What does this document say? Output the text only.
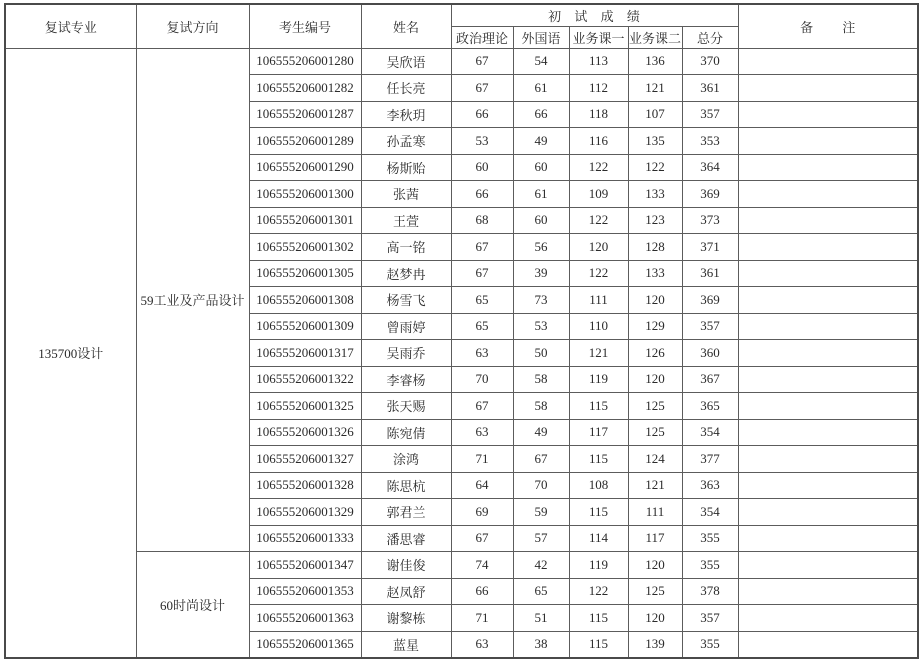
复试专业	复试方向	考生编号	姓名	初 试 成 绩					备 注
				政治理论	外国语	业务课一	业务课二	总分	
135700设计	59工业及产品设计	106555206001280	吴欣语	67	54	113	136	370	
		106555206001282	任长亮	67	61	112	121	361	
		106555206001287	李秋玥	66	66	118	107	357	
		106555206001289	孙孟寒	53	49	116	135	353	
		106555206001290	杨斯贻	60	60	122	122	364	
		106555206001300	张茜	66	61	109	133	369	
		106555206001301	王萱	68	60	122	123	373	
		106555206001302	高一铭	67	56	120	128	371	
		106555206001305	赵梦冉	67	39	122	133	361	
		106555206001308	杨雪飞	65	73	111	120	369	
		106555206001309	曾雨婷	65	53	110	129	357	
		106555206001317	吴雨乔	63	50	121	126	360	
		106555206001322	李睿杨	70	58	119	120	367	
		106555206001325	张天赐	67	58	115	125	365	
		106555206001326	陈宛倩	63	49	117	125	354	
		106555206001327	涂鸿	71	67	115	124	377	
		106555206001328	陈思杭	64	70	108	121	363	
		106555206001329	郭君兰	69	59	115	111	354	
		106555206001333	潘思睿	67	57	114	117	355	
	60时尚设计	106555206001347	谢佳俊	74	42	119	120	355	
		106555206001353	赵凤舒	66	65	122	125	378	
		106555206001363	谢黎栋	71	51	115	120	357	
		106555206001365	蓝星	63	38	115	139	355	
